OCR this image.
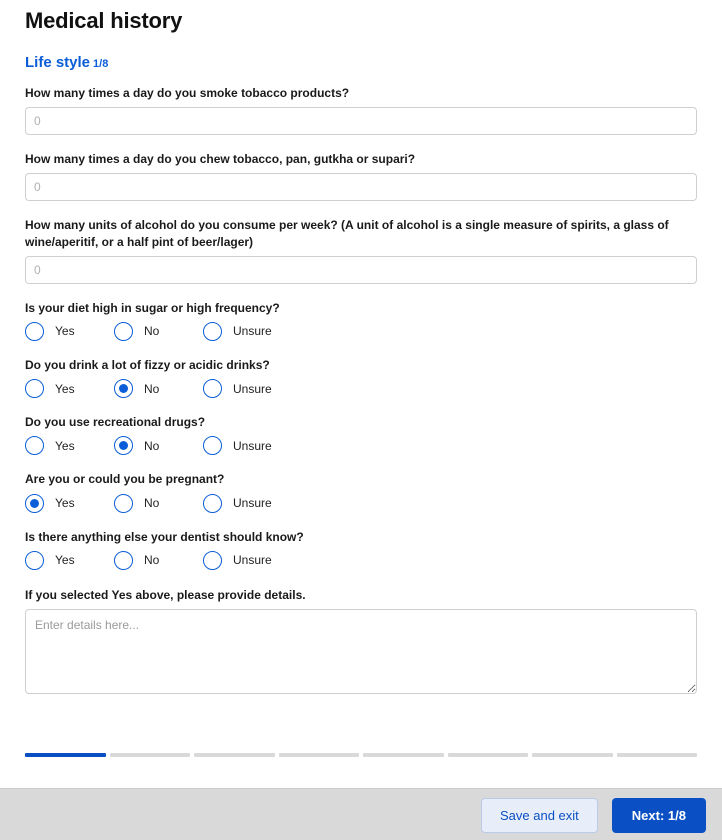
Medical history
Life style 1/8
How many times a day do you smoke tobacco products?
0
How many times a day do you chew tobacco, pan, gutkha or supari?
0
How many units of alcohol do you consume per week? (A unit of alcohol is a single measure of spirits, a glass of wine/aperitif, or a half pint of beer/lager)
0
Is your diet high in sugar or high frequency?
Yes	No	Unsure
Do you drink a lot of fizzy or acidic drinks?
Yes	No	Unsure
Do you use recreational drugs?
Yes	No	Unsure
Are you or could you be pregnant?
Yes	No	Unsure
Is there anything else your dentist should know?
Yes	No	Unsure
If you selected Yes above, please provide details.
Enter details here...
Save and exit	Next: 1/8
